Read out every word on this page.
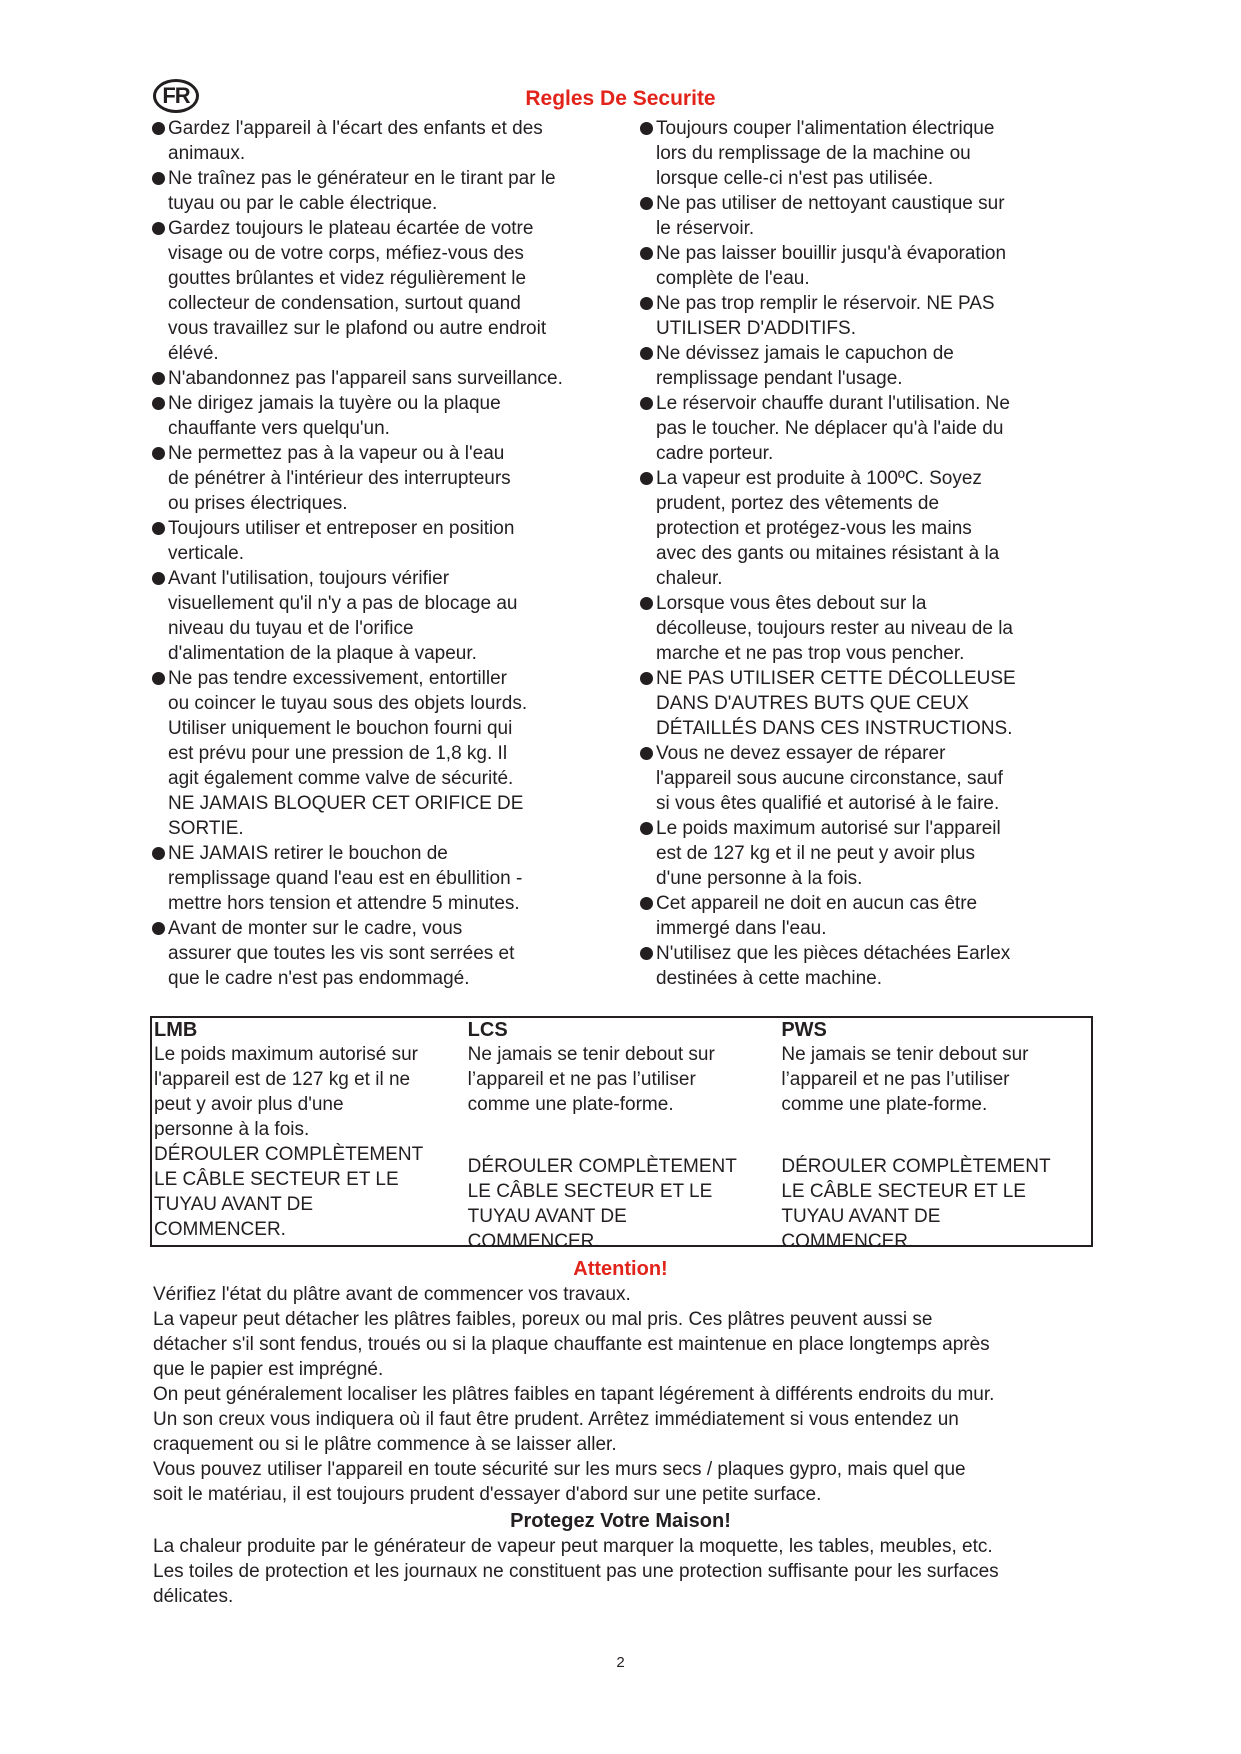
FR	Regles De Securite
Gardez l'appareil à l'écart des enfants et des
animaux.
Ne traînez pas le générateur en le tirant par le
tuyau ou par le cable électrique.
Gardez toujours le plateau écartée de votre
visage ou de votre corps, méfiez-vous des
gouttes brûlantes et videz régulièrement le
collecteur de condensation, surtout quand
vous travaillez sur le plafond ou autre endroit
élévé.
N'abandonnez pas l'appareil sans surveillance.
Ne dirigez jamais la tuyère ou la plaque
chauffante vers quelqu'un.
Ne permettez pas à la vapeur ou à l'eau
de pénétrer à l'intérieur des interrupteurs
ou prises électriques.
Toujours utiliser et entreposer en position
verticale.
Avant l'utilisation, toujours vérifier
visuellement qu'il n'y a pas de blocage au
niveau du tuyau et de l'orifice
d'alimentation de la plaque à vapeur.
Ne pas tendre excessivement, entortiller
ou coincer le tuyau sous des objets lourds.
Utiliser uniquement le bouchon fourni qui
est prévu pour une pression de 1,8 kg. Il
agit également comme valve de sécurité.
NE JAMAIS BLOQUER CET ORIFICE DE
SORTIE.
NE JAMAIS retirer le bouchon de
remplissage quand l'eau est en ébullition -
mettre hors tension et attendre 5 minutes.
Avant de monter sur le cadre, vous
assurer que toutes les vis sont serrées et
que le cadre n'est pas endommagé.
Toujours couper l'alimentation électrique
lors du remplissage de la machine ou
lorsque celle-ci n'est pas utilisée.
Ne pas utiliser de nettoyant caustique sur
le réservoir.
Ne pas laisser bouillir jusqu'à évaporation
complète de l'eau.
Ne pas trop remplir le réservoir. NE PAS
UTILISER D'ADDITIFS.
Ne dévissez jamais le capuchon de
remplissage pendant l'usage.
Le réservoir chauffe durant l'utilisation. Ne
pas le toucher. Ne déplacer qu'à l'aide du
cadre porteur.
La vapeur est produite à 100ºC. Soyez
prudent, portez des vêtements de
protection et protégez-vous les mains
avec des gants ou mitaines résistant à la
chaleur.
Lorsque vous êtes debout sur la
décolleuse, toujours rester au niveau de la
marche et ne pas trop vous pencher.
NE PAS UTILISER CETTE DÉCOLLEUSE
DANS D'AUTRES BUTS QUE CEUX
DÉTAILLÉS DANS CES INSTRUCTIONS.
Vous ne devez essayer de réparer
l'appareil sous aucune circonstance, sauf
si vous êtes qualifié et autorisé à le faire.
Le poids maximum autorisé sur l'appareil
est de 127 kg et il ne peut y avoir plus
d'une personne à la fois.
Cet appareil ne doit en aucun cas être
immergé dans l'eau.
N'utilisez que les pièces détachées Earlex
destinées à cette machine.
LMB
Le poids maximum autorisé sur
l'appareil est de 127 kg et il ne
peut y avoir plus d'une
personne à la fois.
DÉROULER COMPLÈTEMENT
LE CÂBLE SECTEUR ET LE
TUYAU AVANT DE
COMMENCER.
LCS
Ne jamais se tenir debout sur
l’appareil et ne pas l’utiliser
comme une plate-forme.
DÉROULER COMPLÈTEMENT
LE CÂBLE SECTEUR ET LE
TUYAU AVANT DE
COMMENCER.
PWS
Ne jamais se tenir debout sur
l’appareil et ne pas l’utiliser
comme une plate-forme.
DÉROULER COMPLÈTEMENT
LE CÂBLE SECTEUR ET LE
TUYAU AVANT DE
COMMENCER.
Attention!

Vérifiez l'état du plâtre avant de commencer vos travaux.

La vapeur peut détacher les plâtres faibles, poreux ou mal pris. Ces plâtres peuvent aussi se
détacher s'il sont fendus, troués ou si la plaque chauffante est maintenue en place longtemps après
que le papier est imprégné.

On peut généralement localiser les plâtres faibles en tapant légérement à différents endroits du mur.
Un son creux vous indiquera où il faut être prudent. Arrêtez immédiatement si vous entendez un
craquement ou si le plâtre commence à se laisser aller.

Vous pouvez utiliser l'appareil en toute sécurité sur les murs secs / plaques gypro, mais quel que
soit le matériau, il est toujours prudent d'essayer d'abord sur une petite surface.

Protegez Votre Maison!

La chaleur produite par le générateur de vapeur peut marquer la moquette, les tables, meubles, etc.
Les toiles de protection et les journaux ne constituent pas une protection suffisante pour les surfaces
délicates.

2
